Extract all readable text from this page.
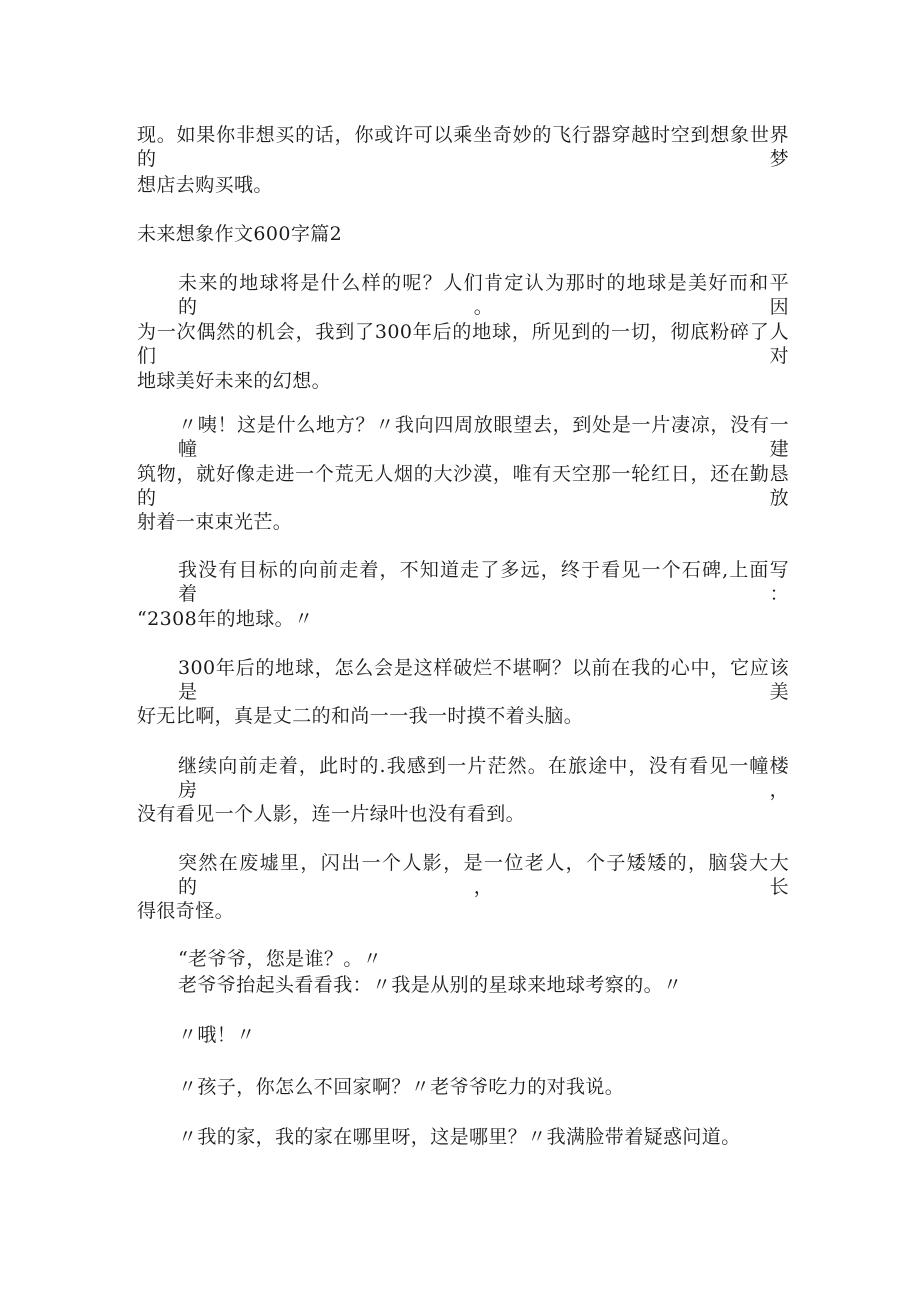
现。如果你非想买的话，你或许可以乘坐奇妙的飞行器穿越时空到想象世界的梦
想店去购买哦。
未来想象作文600字篇2
未来的地球将是什么样的呢？人们肯定认为那时的地球是美好而和平的。因
为一次偶然的机会，我到了300年后的地球，所见到的一切，彻底粉碎了人们对
地球美好未来的幻想。
〃咦！这是什么地方？〃我向四周放眼望去，到处是一片凄凉，没有一幢建
筑物，就好像走进一个荒无人烟的大沙漠，唯有天空那一轮红日，还在勤恳的放
射着一束束光芒。
我没有目标的向前走着，不知道走了多远，终于看见一个石碑,上面写着：
“2308年的地球。〃
300年后的地球，怎么会是这样破烂不堪啊？以前在我的心中，它应该是美
好无比啊，真是丈二的和尚一一我一时摸不着头脑。
继续向前走着，此时的.我感到一片茫然。在旅途中，没有看见一幢楼房，
没有看见一个人影，连一片绿叶也没有看到。
突然在废墟里，闪出一个人影，是一位老人，个子矮矮的，脑袋大大的，长
得很奇怪。
“老爷爷，您是谁？。〃
老爷爷抬起头看看我：〃我是从别的星球来地球考察的。〃
〃哦！〃
〃孩子，你怎么不回家啊？〃老爷爷吃力的对我说。
〃我的家，我的家在哪里呀，这是哪里？〃我满脸带着疑惑问道。
